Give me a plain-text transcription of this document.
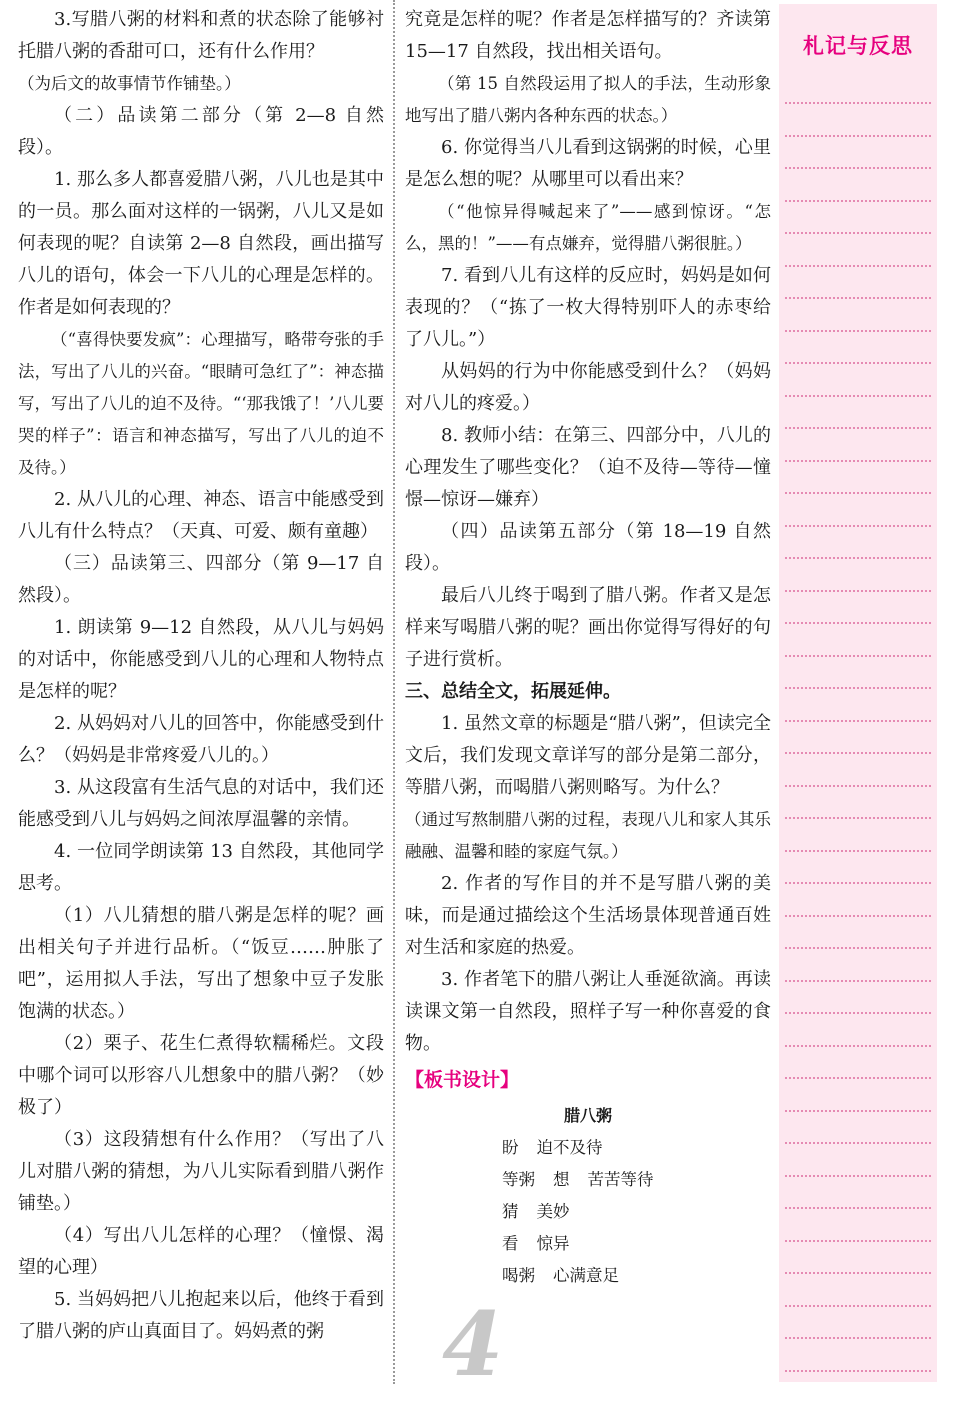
3.写腊八粥的材料和煮的状态除了能够衬托腊八粥的香甜可口，还有什么作用？

（为后文的故事情节作铺垫。）

（二）品读第二部分（第 2—8 自然段）。

1. 那么多人都喜爱腊八粥，八儿也是其中的一员。那么面对这样的一锅粥，八儿又是如何表现的呢？自读第 2—8 自然段，画出描写八儿的语句，体会一下八儿的心理是怎样的。作者是如何表现的？

（“喜得快要发疯”：心理描写，略带夸张的手法，写出了八儿的兴奋。“眼睛可急红了”：神态描写，写出了八儿的迫不及待。“‘那我饿了！’八儿要哭的样子”：语言和神态描写，写出了八儿的迫不及待。）

2. 从八儿的心理、神态、语言中能感受到八儿有什么特点？（天真、可爱、颇有童趣）

（三）品读第三、四部分（第 9—17 自然段）。

1. 朗读第 9—12 自然段，从八儿与妈妈的对话中，你能感受到八儿的心理和人物特点是怎样的呢？

2. 从妈妈对八儿的回答中，你能感受到什么？（妈妈是非常疼爱八儿的。）

3. 从这段富有生活气息的对话中，我们还能感受到八儿与妈妈之间浓厚温馨的亲情。

4. 一位同学朗读第 13 自然段，其他同学思考。

（1）八儿猜想的腊八粥是怎样的呢？画出相关句子并进行品析。（“饭豆……肿胀了吧”，运用拟人手法，写出了想象中豆子发胀饱满的状态。）

（2）栗子、花生仁煮得软糯稀烂。文段中哪个词可以形容八儿想象中的腊八粥？（妙极了）

（3）这段猜想有什么作用？（写出了八儿对腊八粥的猜想，为八儿实际看到腊八粥作铺垫。）

（4）写出八儿怎样的心理？（憧憬、渴望的心理）

5. 当妈妈把八儿抱起来以后，他终于看到了腊八粥的庐山真面目了。妈妈煮的粥

究竟是怎样的呢？作者是怎样描写的？齐读第 15—17 自然段，找出相关语句。

（第 15 自然段运用了拟人的手法，生动形象地写出了腊八粥内各种东西的状态。）

6. 你觉得当八儿看到这锅粥的时候，心里是怎么想的呢？从哪里可以看出来？

（“他惊异得喊起来了”——感到惊讶。“怎么，黑的！”——有点嫌弃，觉得腊八粥很脏。）

7. 看到八儿有这样的反应时，妈妈是如何表现的？（“拣了一枚大得特别吓人的赤枣给了八儿。”）

从妈妈的行为中你能感受到什么？（妈妈对八儿的疼爱。）

8. 教师小结：在第三、四部分中，八儿的心理发生了哪些变化？（迫不及待—等待—憧憬—惊讶—嫌弃）

（四）品读第五部分（第 18—19 自然段）。

最后八儿终于喝到了腊八粥。作者又是怎样来写喝腊八粥的呢？画出你觉得写得好的句子进行赏析。

三、总结全文，拓展延伸。

1. 虽然文章的标题是“腊八粥”，但读完全文后，我们发现文章详写的部分是第二部分，等腊八粥，而喝腊八粥则略写。为什么？

（通过写熬制腊八粥的过程，表现八儿和家人其乐融融、温馨和睦的家庭气氛。）

2. 作者的写作目的并不是写腊八粥的美味，而是通过描绘这个生活场景体现普通百姓对生活和家庭的热爱。

3. 作者笔下的腊八粥让人垂涎欲滴。再读读课文第一自然段，照样子写一种你喜爱的食物。

【板书设计】
腊八粥
盼 迫不及待
等粥 想 苦苦等待
猜 美妙
看 惊异
喝粥 心满意足
札记与反思
4
